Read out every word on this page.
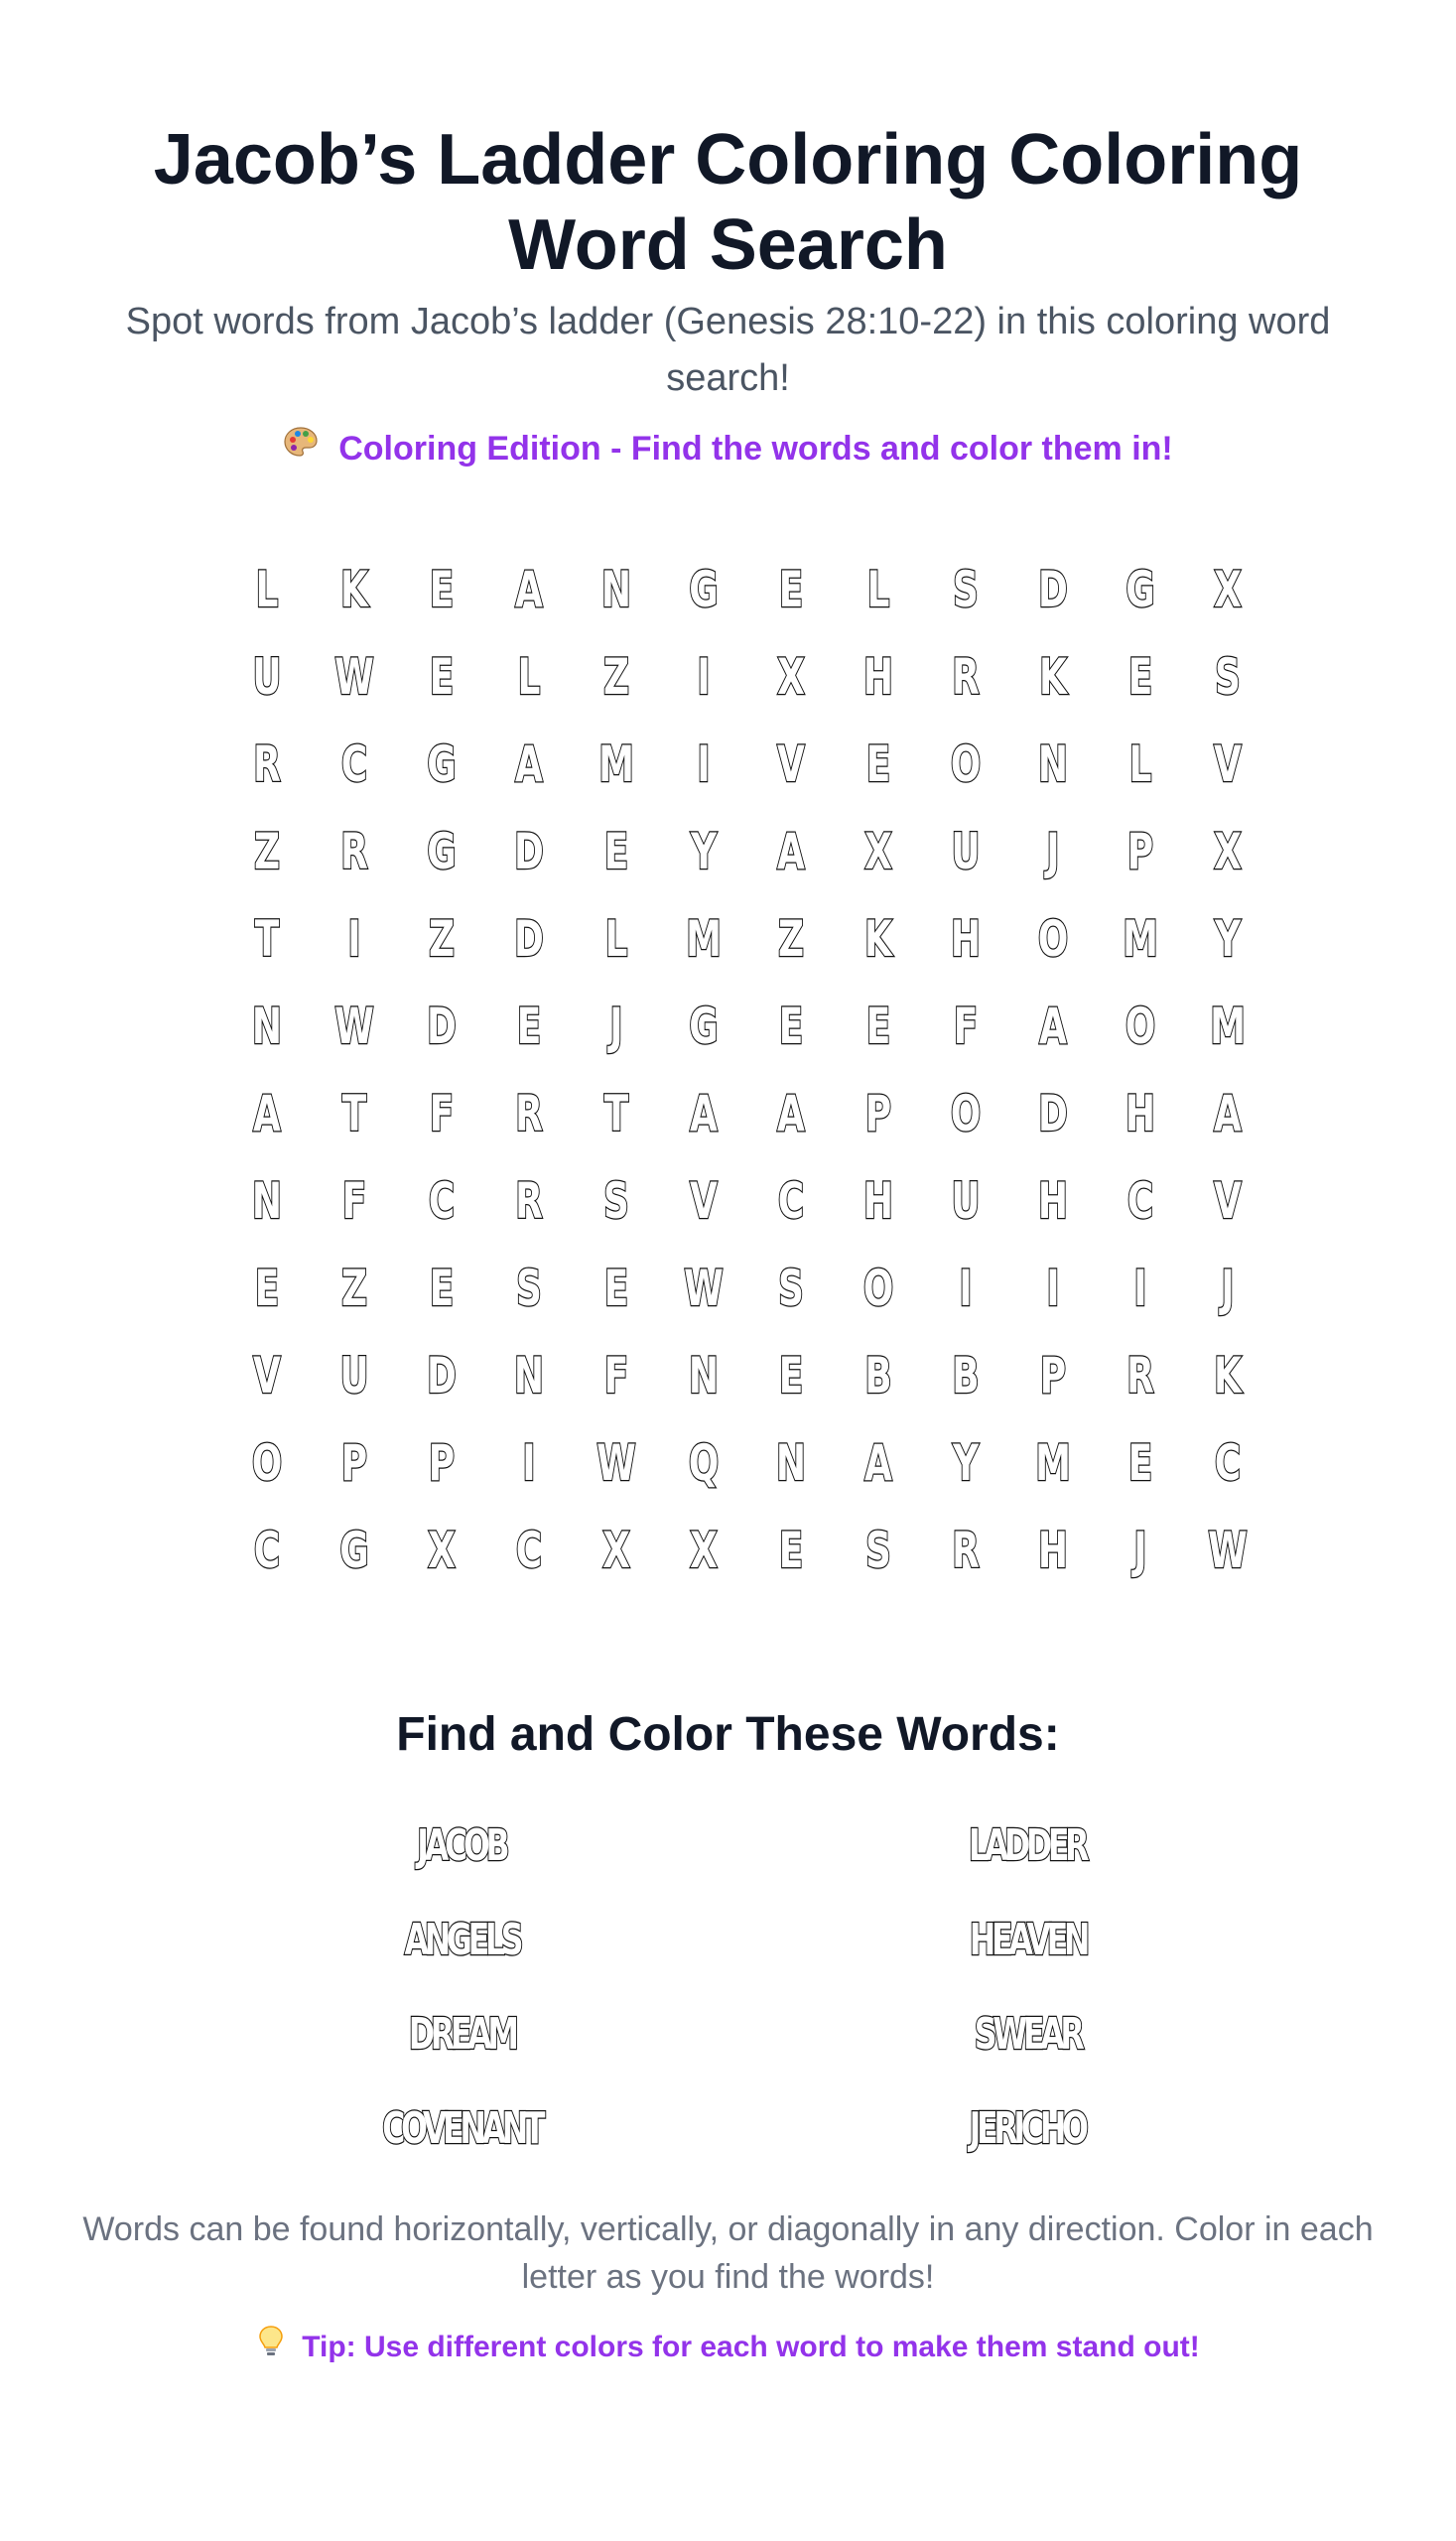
Jacob’s Ladder Coloring Coloring Word Search

Spot words from Jacob’s ladder (Genesis 28:10-22) in this coloring word search!

Coloring Edition - Find the words and color them in!
L	K	E	A	N	G	E	L	S	D	G	X
U	W	E	L	Z	I	X	H	R	K	E	S
R	C	G	A	M	I	V	E	O	N	L	V
Z	R	G	D	E	Y	A	X	U	J	P	X
T	I	Z	D	L	M	Z	K	H	O	M	Y
N	W	D	E	J	G	E	E	F	A	O	M
A	T	F	R	T	A	A	P	O	D	H	A
N	F	C	R	S	V	C	H	U	H	C	V
E	Z	E	S	E	W	S	O	I	I	I	J
V	U	D	N	F	N	E	B	B	P	R	K
O	P	P	I	W	Q	N	A	Y	M	E	C
C	G	X	C	X	X	E	S	R	H	J	W
Find and Color These Words:
JACOB	LADDER
ANGELS	HEAVEN
DREAM	SWEAR
COVENANT	JERICHO

Words can be found horizontally, vertically, or diagonally in any direction. Color in each letter as you find the words!

Tip: Use different colors for each word to make them stand out!
